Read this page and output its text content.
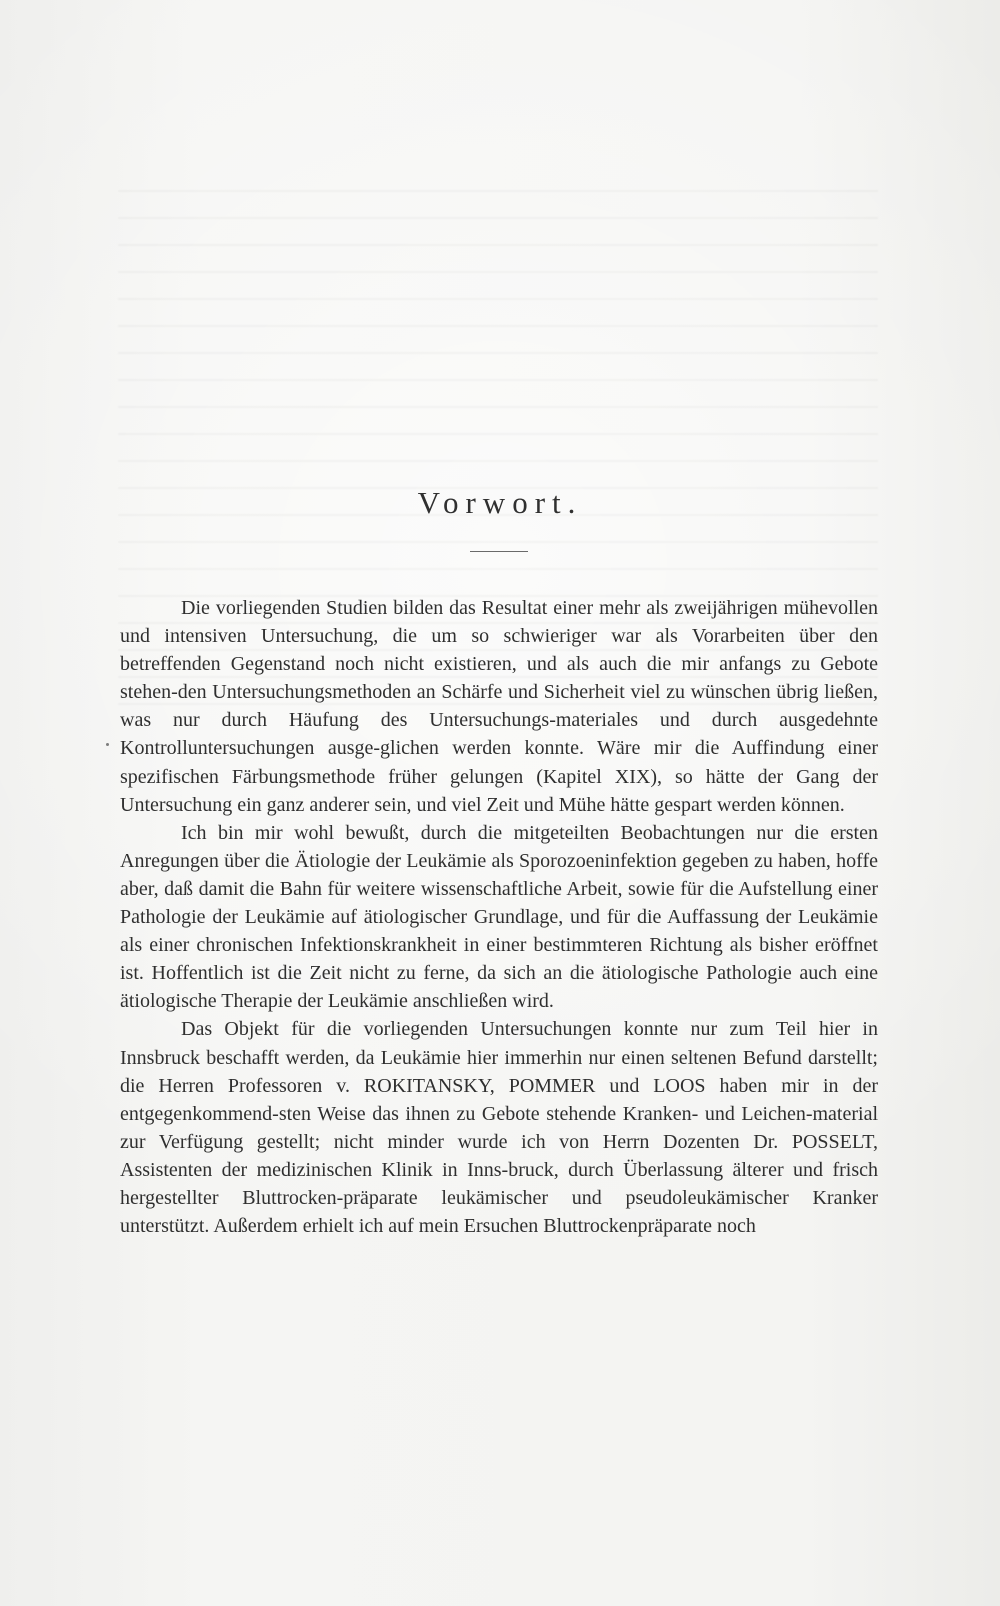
Vorwort.

Die vorliegenden Studien bilden das Resultat einer mehr als zweijährigen mühevollen und intensiven Untersuchung, die um so schwieriger war als Vorarbeiten über den betreffenden Gegenstand noch nicht existieren, und als auch die mir anfangs zu Gebote stehen-den Untersuchungsmethoden an Schärfe und Sicherheit viel zu wünschen übrig ließen, was nur durch Häufung des Untersuchungs-materiales und durch ausgedehnte Kontrolluntersuchungen ausge-glichen werden konnte. Wäre mir die Auffindung einer spezifischen Färbungsmethode früher gelungen (Kapitel XIX), so hätte der Gang der Untersuchung ein ganz anderer sein, und viel Zeit und Mühe hätte gespart werden können.

Ich bin mir wohl bewußt, durch die mitgeteilten Beobachtungen nur die ersten Anregungen über die Ätiologie der Leukämie als Sporozoeninfektion gegeben zu haben, hoffe aber, daß damit die Bahn für weitere wissenschaftliche Arbeit, sowie für die Aufstellung einer Pathologie der Leukämie auf ätiologischer Grundlage, und für die Auffassung der Leukämie als einer chronischen Infektionskrankheit in einer bestimmteren Richtung als bisher eröffnet ist. Hoffentlich ist die Zeit nicht zu ferne, da sich an die ätiologische Pathologie auch eine ätiologische Therapie der Leukämie anschließen wird.

Das Objekt für die vorliegenden Untersuchungen konnte nur zum Teil hier in Innsbruck beschafft werden, da Leukämie hier immerhin nur einen seltenen Befund darstellt; die Herren Professoren v. ROKITANSKY, POMMER und LOOS haben mir in der entgegenkommend-sten Weise das ihnen zu Gebote stehende Kranken- und Leichen-material zur Verfügung gestellt; nicht minder wurde ich von Herrn Dozenten Dr. POSSELT, Assistenten der medizinischen Klinik in Inns-bruck, durch Überlassung älterer und frisch hergestellter Bluttrocken-präparate leukämischer und pseudoleukämischer Kranker unterstützt. Außerdem erhielt ich auf mein Ersuchen Bluttrockenpräparate noch
